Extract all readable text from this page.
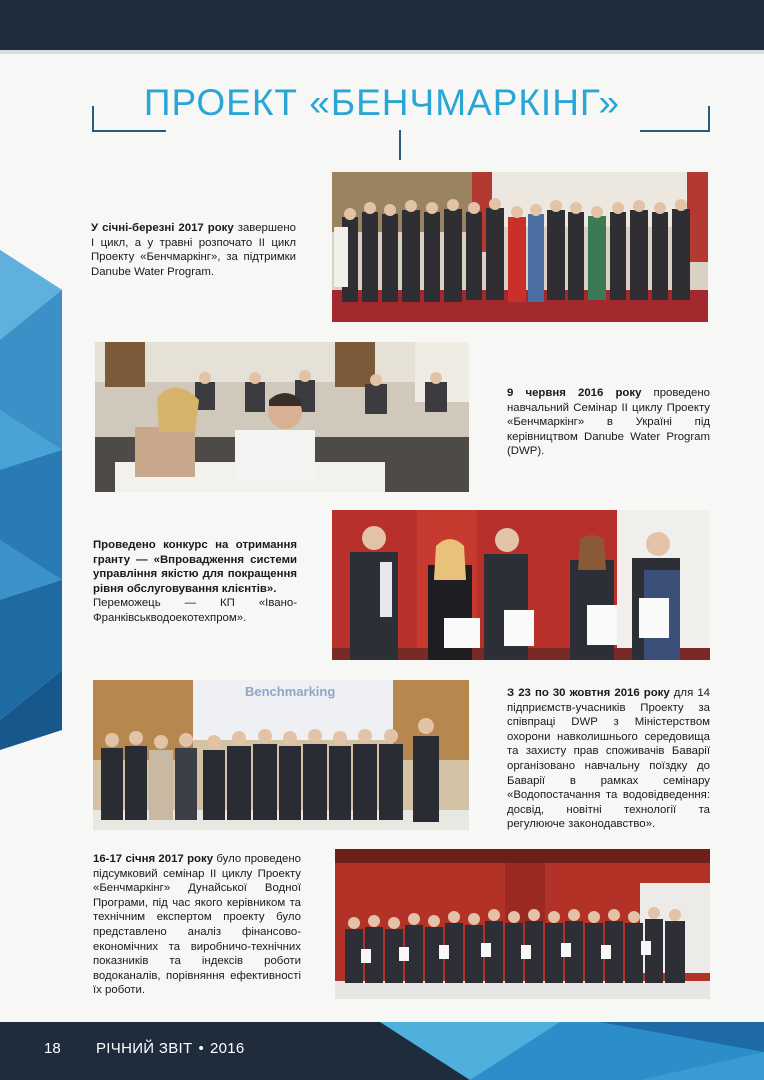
ПРОЕКТ «БЕНЧМАРКІНГ»

У січні-березні 2017 року завершено І цикл, а у травні розпочато ІІ цикл Проекту «Бенчмаркінг», за підтримки Danube Water Program.

9 червня 2016 року проведено навчальний Семінар ІІ циклу Проекту «Бенчмаркінг» в Україні під керівництвом Danube Water Program (DWP).

Проведено конкурс на отримання гранту — «Впровадження системи управління якістю для покращення рівня обслуговування клієнтів».

Переможець — КП «Івано-Франківськводоекотехпром».

Benchmarking	З 23 по 30 жовтня 2016 року для 14 підприємств-учасників Проекту за співпраці DWP з Міністерством охорони навколишнього середовища та захисту прав споживачів Баварії організовано навчальну поїздку до Баварії в рамках семінару «Водопостачання та водовідведення: досвід, новітні технології та регулююче законодавство».

16-17 січня 2017 року було проведено підсумковий семінар ІІ циклу Проекту «Бенчмаркінг» Дунайської Водної Програми, під час якого керівником та технічним експертом проекту було представлено аналіз фінансово-економічних та виробничо-технічних показників та індексів роботи водоканалів, порівняння ефективності їх роботи.

18 РІЧНИЙ ЗВІТ • 2016
